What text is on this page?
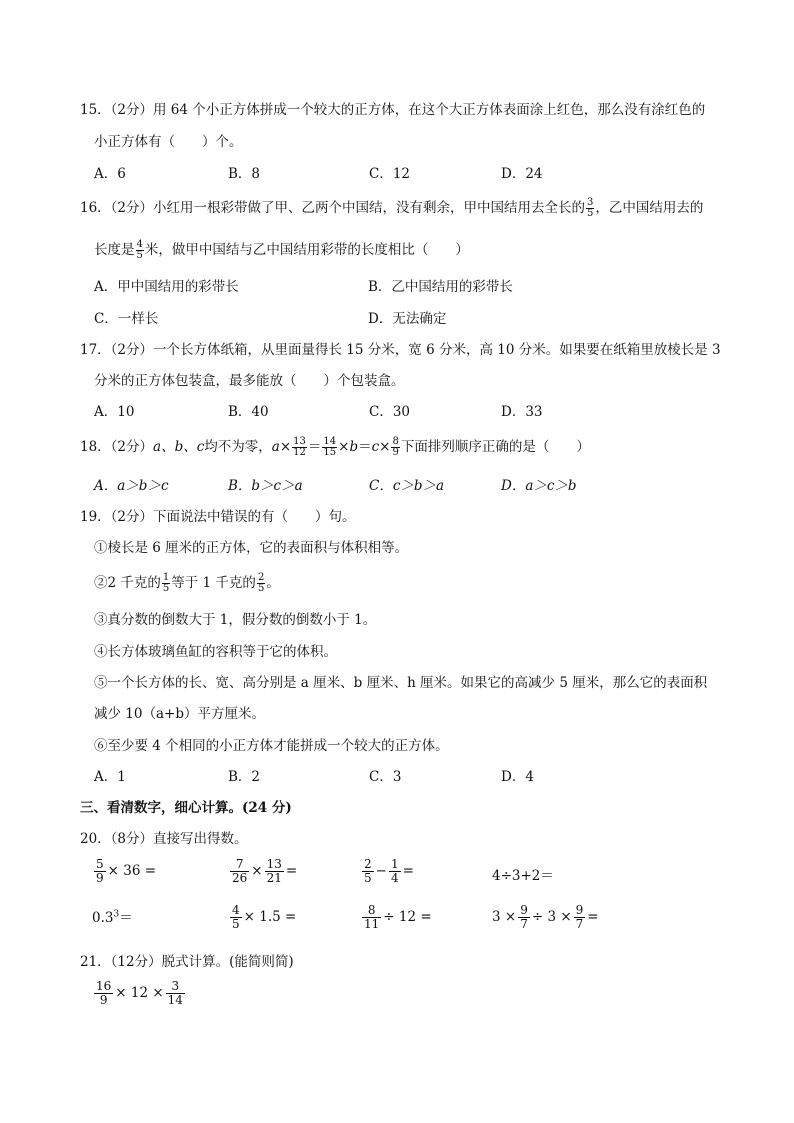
15．（2分）用 64 个小正方体拼成一个较大的正方体，在这个大正方体表面涂上红色，那么没有涂红色的
小正方体有（　　）个。
A．6	B．8	C．12	D．24
16．（2分）小红用一根彩带做了甲、乙两个中国结，没有剩余，甲中国结用去全长的 $\frac{3}{5}$ ，乙中国结用去的
长度是 $\frac{4}{5}$ 米，做甲中国结与乙中国结用彩带的长度相比（　　）
A．甲中国结用的彩带长	B．乙中国结用的彩带长
C．一样长	D．无法确定
17．（2分）一个长方体纸箱，从里面量得长 15 分米，宽 6 分米，高 10 分米。如果要在纸箱里放棱长是 3
分米的正方体包装盒，最多能放（　　）个包装盒。
A．10	B．40	C．30	D．33
18．（2分）a、b、c均不为零，$a\times \frac{13}{12} = \frac{14}{15} \times b=c\times \frac{8}{9}$ 下面排列顺序正确的是（　　）
A．a＞b＞c	B．b＞c＞a	C．c＞b＞a	D．a＞c＞b
19．（2分）下面说法中错误的有（　　）句。
①棱长是 6 厘米的正方体，它的表面积与体积相等。
②2 千克的 $\frac{1}{5}$ 等于 1 千克的 $\frac{2}{5}$ 。
③真分数的倒数大于 1，假分数的倒数小于 1。
④长方体玻璃鱼缸的容积等于它的体积。
⑤一个长方体的长、宽、高分别是 a 厘米、b 厘米、h 厘米。如果它的高减少 5 厘米，那么它的表面积
减少 10（a+b）平方厘米。
⑥至少要 4 个相同的小正方体才能拼成一个较大的正方体。
A．1	B．2	C．3	D．4
三、看清数字，细心计算。(24 分)
20．（8分）直接写出得数。
$\frac{5}{9} \times 36$ =	$\frac{7}{26} \times \frac{13}{21}$ =	$\frac{2}{5} - \frac{1}{4}$ =	4÷3+2＝
$0.3^3=$	$\frac{4}{5} \times 1.5$ =	$\frac{8}{11} \div 12$ =	$3 \times \frac{9}{7} \div 3 \times \frac{9}{7}$ =
21．（12分）脱式计算。(能简则简)
$\frac{16}{9} \times 12 \times \frac{3}{14}$
